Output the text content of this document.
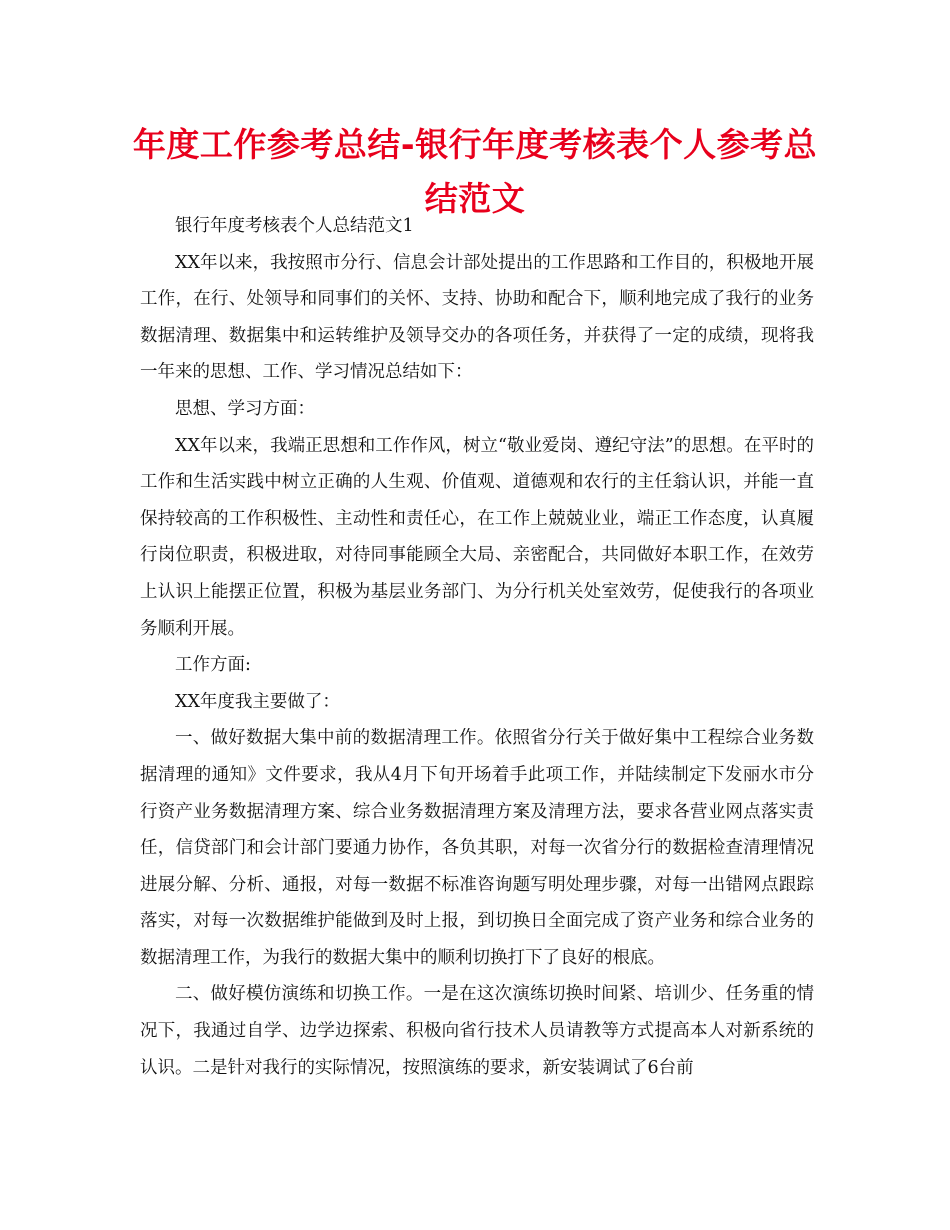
年度工作参考总结-银行年度考核表个人参考总结范文

银行年度考核表个人总结范文1

XX年以来，我按照市分行、信息会计部处提出的工作思路和工作目的，积极地开展工作，在行、处领导和同事们的关怀、支持、协助和配合下，顺利地完成了我行的业务数据清理、数据集中和运转维护及领导交办的各项任务，并获得了一定的成绩，现将我一年来的思想、工作、学习情况总结如下：

思想、学习方面：

XX年以来，我端正思想和工作作风，树立“敬业爱岗、遵纪守法”的思想。在平时的工作和生活实践中树立正确的人生观、价值观、道德观和农行的主任翁认识，并能一直保持较高的工作积极性、主动性和责任心，在工作上兢兢业业，端正工作态度，认真履行岗位职责，积极进取，对待同事能顾全大局、亲密配合，共同做好本职工作，在效劳上认识上能摆正位置，积极为基层业务部门、为分行机关处室效劳，促使我行的各项业务顺利开展。

工作方面:

XX年度我主要做了：

一、做好数据大集中前的数据清理工作。依照省分行关于做好集中工程综合业务数据清理的通知》文件要求，我从4月下旬开场着手此项工作，并陆续制定下发丽水市分行资产业务数据清理方案、综合业务数据清理方案及清理方法，要求各营业网点落实责任，信贷部门和会计部门要通力协作，各负其职，对每一次省分行的数据检查清理情况进展分解、分析、通报，对每一数据不标准咨询题写明处理步骤，对每一出错网点跟踪落实，对每一次数据维护能做到及时上报，到切换日全面完成了资产业务和综合业务的数据清理工作，为我行的数据大集中的顺利切换打下了良好的根底。

二、做好模仿演练和切换工作。一是在这次演练切换时间紧、培训少、任务重的情况下，我通过自学、边学边探索、积极向省行技术人员请教等方式提高本人对新系统的认识。二是针对我行的实际情况，按照演练的要求，新安装调试了6台前
